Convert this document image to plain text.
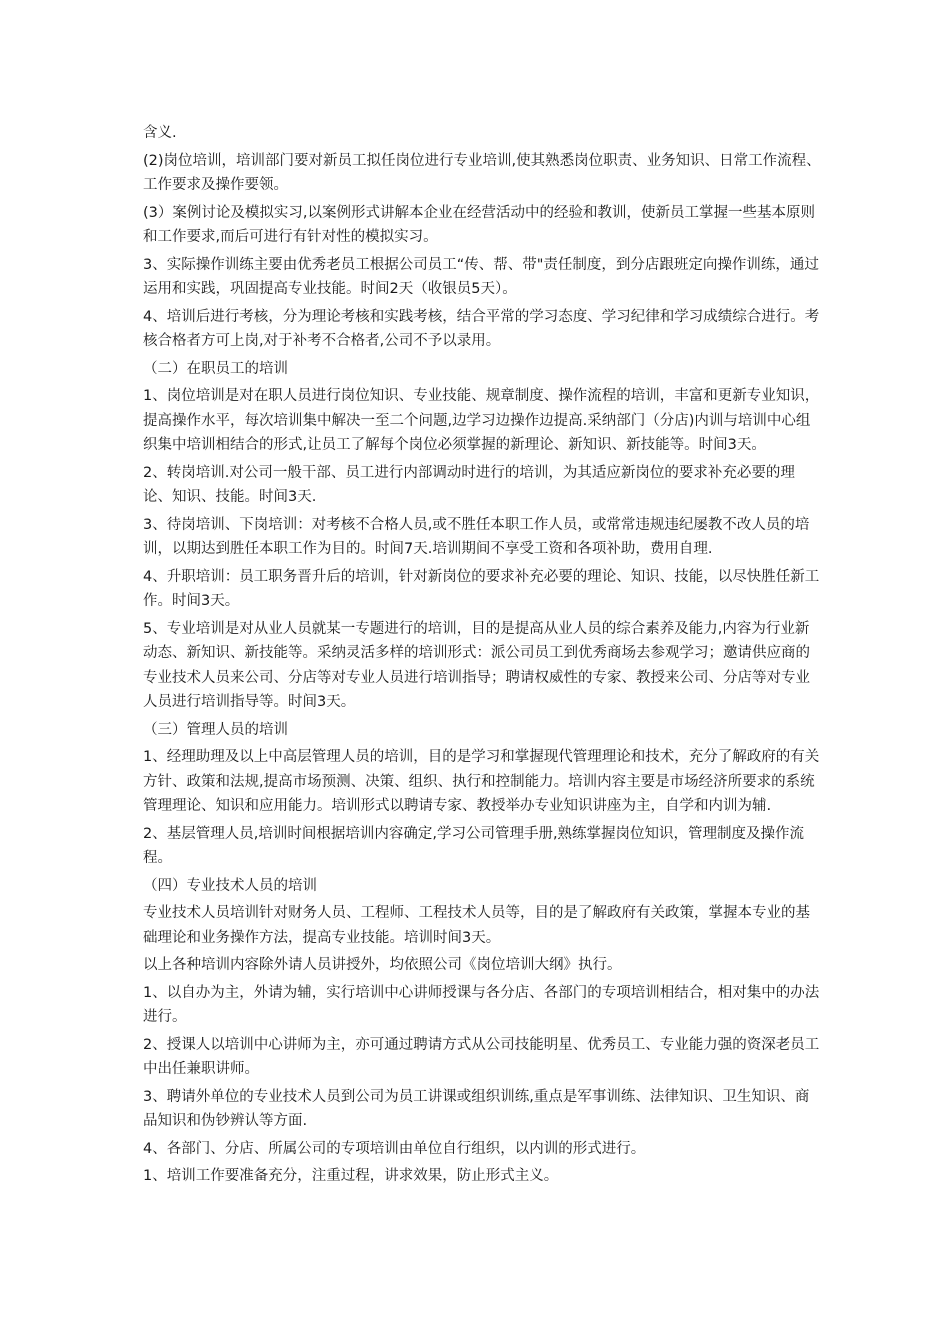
含义.

(2)岗位培训，培训部门要对新员工拟任岗位进行专业培训,使其熟悉岗位职责、业务知识、日常工作流程、工作要求及操作要领。

(3）案例讨论及模拟实习,以案例形式讲解本企业在经营活动中的经验和教训，使新员工掌握一些基本原则和工作要求,而后可进行有针对性的模拟实习。

3、实际操作训练主要由优秀老员工根据公司员工“传、帮、带"责任制度，到分店跟班定向操作训练，通过运用和实践，巩固提高专业技能。时间2天（收银员5天）。

4、培训后进行考核，分为理论考核和实践考核，结合平常的学习态度、学习纪律和学习成绩综合进行。考核合格者方可上岗,对于补考不合格者,公司不予以录用。

（二）在职员工的培训

1、岗位培训是对在职人员进行岗位知识、专业技能、规章制度、操作流程的培训，丰富和更新专业知识，提高操作水平，每次培训集中解决一至二个问题,边学习边操作边提高.采纳部门（分店)内训与培训中心组织集中培训相结合的形式,让员工了解每个岗位必须掌握的新理论、新知识、新技能等。时间3天。

2、转岗培训.对公司一般干部、员工进行内部调动时进行的培训，为其适应新岗位的要求补充必要的理论、知识、技能。时间3天.

3、待岗培训、下岗培训：对考核不合格人员,或不胜任本职工作人员，或常常违规违纪屡教不改人员的培训，以期达到胜任本职工作为目的。时间7天.培训期间不享受工资和各项补助，费用自理.

4、升职培训：员工职务晋升后的培训，针对新岗位的要求补充必要的理论、知识、技能，以尽快胜任新工作。时间3天。

5、专业培训是对从业人员就某一专题进行的培训，目的是提高从业人员的综合素养及能力,内容为行业新动态、新知识、新技能等。采纳灵活多样的培训形式：派公司员工到优秀商场去参观学习；邀请供应商的专业技术人员来公司、分店等对专业人员进行培训指导；聘请权威性的专家、教授来公司、分店等对专业人员进行培训指导等。时间3天。

（三）管理人员的培训

1、经理助理及以上中高层管理人员的培训，目的是学习和掌握现代管理理论和技术，充分了解政府的有关方针、政策和法规,提高市场预测、决策、组织、执行和控制能力。培训内容主要是市场经济所要求的系统管理理论、知识和应用能力。培训形式以聘请专家、教授举办专业知识讲座为主，自学和内训为辅.

2、基层管理人员,培训时间根据培训内容确定,学习公司管理手册,熟练掌握岗位知识，管理制度及操作流程。

（四）专业技术人员的培训

专业技术人员培训针对财务人员、工程师、工程技术人员等，目的是了解政府有关政策，掌握本专业的基础理论和业务操作方法，提高专业技能。培训时间3天。

以上各种培训内容除外请人员讲授外，均依照公司《岗位培训大纲》执行。

1、以自办为主，外请为辅，实行培训中心讲师授课与各分店、各部门的专项培训相结合，相对集中的办法进行。

2、授课人以培训中心讲师为主，亦可通过聘请方式从公司技能明星、优秀员工、专业能力强的资深老员工中出任兼职讲师。

3、聘请外单位的专业技术人员到公司为员工讲课或组织训练,重点是军事训练、法律知识、卫生知识、商品知识和伪钞辨认等方面.

4、各部门、分店、所属公司的专项培训由单位自行组织，以内训的形式进行。

1、培训工作要准备充分，注重过程，讲求效果，防止形式主义。
